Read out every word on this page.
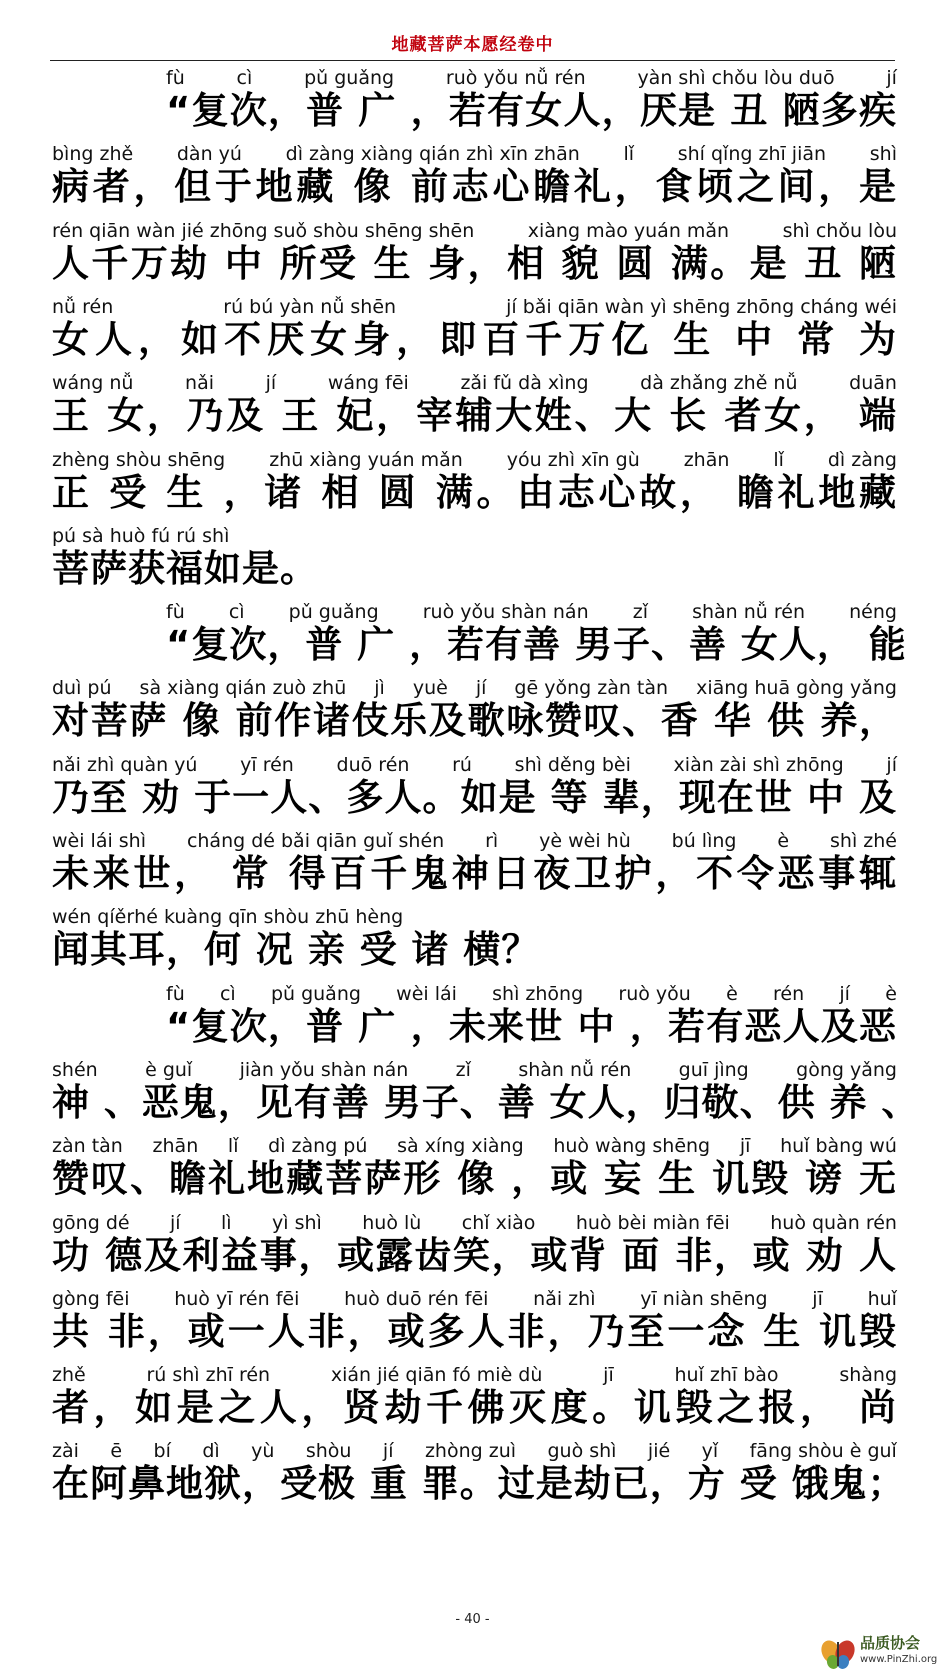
地藏菩萨本愿经卷中
fù	cì	pǔ guǎng	ruò yǒu nǚ rén	yàn shì chǒu lòu duō	jí
“复次，普 广 ，若有女人，厌是 丑 陋多疾
bìng zhě dàn yú dì zàng xiàng qián zhì xīn zhān lǐ shí qǐng zhī jiān shì
病者，但于地藏 像 前志心瞻礼，食顷之间，是
rén qiān wàn jié zhōng suǒ shòu shēng shēn	xiàng mào yuán mǎn	shì chǒu lòu
人千万劫 中 所受 生 身，相 貌 圆 满。是 丑 陋
nǚ rén	rú bú yàn nǚ shēn	jí bǎi qiān wàn yì shēng zhōng cháng wéi
女人，如不厌女身，即百千万亿 生 中 常 为
wáng nǚ	nǎi	jí	wáng fēi	zǎi fǔ dà xìng	dà zhǎng zhě nǚ	duān
王 女，乃及 王 妃，宰辅大姓、大 长 者女， 端
zhèng shòu shēng zhū xiàng yuán mǎn yóu zhì xīn gù zhān lǐ dì zàng
正 受 生 ，诸 相 圆 满。由志心故， 瞻礼地藏
pú sà huò fú rú shì
菩萨获福如是。
fù cì pǔ guǎng ruò yǒu shàn nán zǐ shàn nǚ rén néng
“复次，普 广 ，若有善 男子、善 女人， 能
duì pú sà xiàng qián zuò zhū jì yuè jí gē yǒng zàn tàn xiāng huā gòng yǎng
对菩萨 像 前作诸伎乐及歌咏赞叹、香 华 供 养，
nǎi zhì quàn yú yī rén duō rén rú shì děng bèi xiàn zài shì zhōng jí
乃至 劝 于一人、多人。如是 等 辈，现在世 中 及
wèi lái shì cháng dé bǎi qiān guǐ shén rì yè wèi hù bú lìng è shì zhé
未来世， 常 得百千鬼神日夜卫护，不令恶事辄
wén qí ěr hé kuàng qīn shòu zhū hèng
闻其耳，何 况 亲 受 诸 横？
fù cì pǔ guǎng wèi lái shì zhōng ruò yǒu è rén jí è
“复次，普 广 ，未来世 中 ，若有恶人及恶
shén è guǐ jiàn yǒu shàn nán zǐ shàn nǚ rén guī jìng gòng yǎng
神 、恶鬼，见有善 男子、善 女人，归敬、供 养 、
zàn tàn zhān lǐ dì zàng pú sà xíng xiàng huò wàng shēng jī huǐ bàng wú
赞叹、瞻礼地藏菩萨形 像 ，或 妄 生 讥毁 谤 无
gōng dé jí lì yì shì huò lù chǐ xiào huò bèi miàn fēi huò quàn rén
功 德及利益事，或露齿笑，或背 面 非，或 劝 人
gòng fēi huò yī rén fēi huò duō rén fēi nǎi zhì yī niàn shēng jī huǐ
共 非，或一人非，或多人非，乃至一念 生 讥毁
zhě	rú shì zhī rén	xián jié qiān fó miè dù	jī	huǐ zhī bào	shàng
者，如是之人，贤劫千佛灭度。讥毁之报， 尚
zài ē bí dì yù shòu jí zhòng zuì guò shì jié yǐ fāng shòu è guǐ
在阿鼻地狱，受极 重 罪。过是劫已，方 受 饿鬼；
- 40 -
品质协会
www.PinZhi.org
